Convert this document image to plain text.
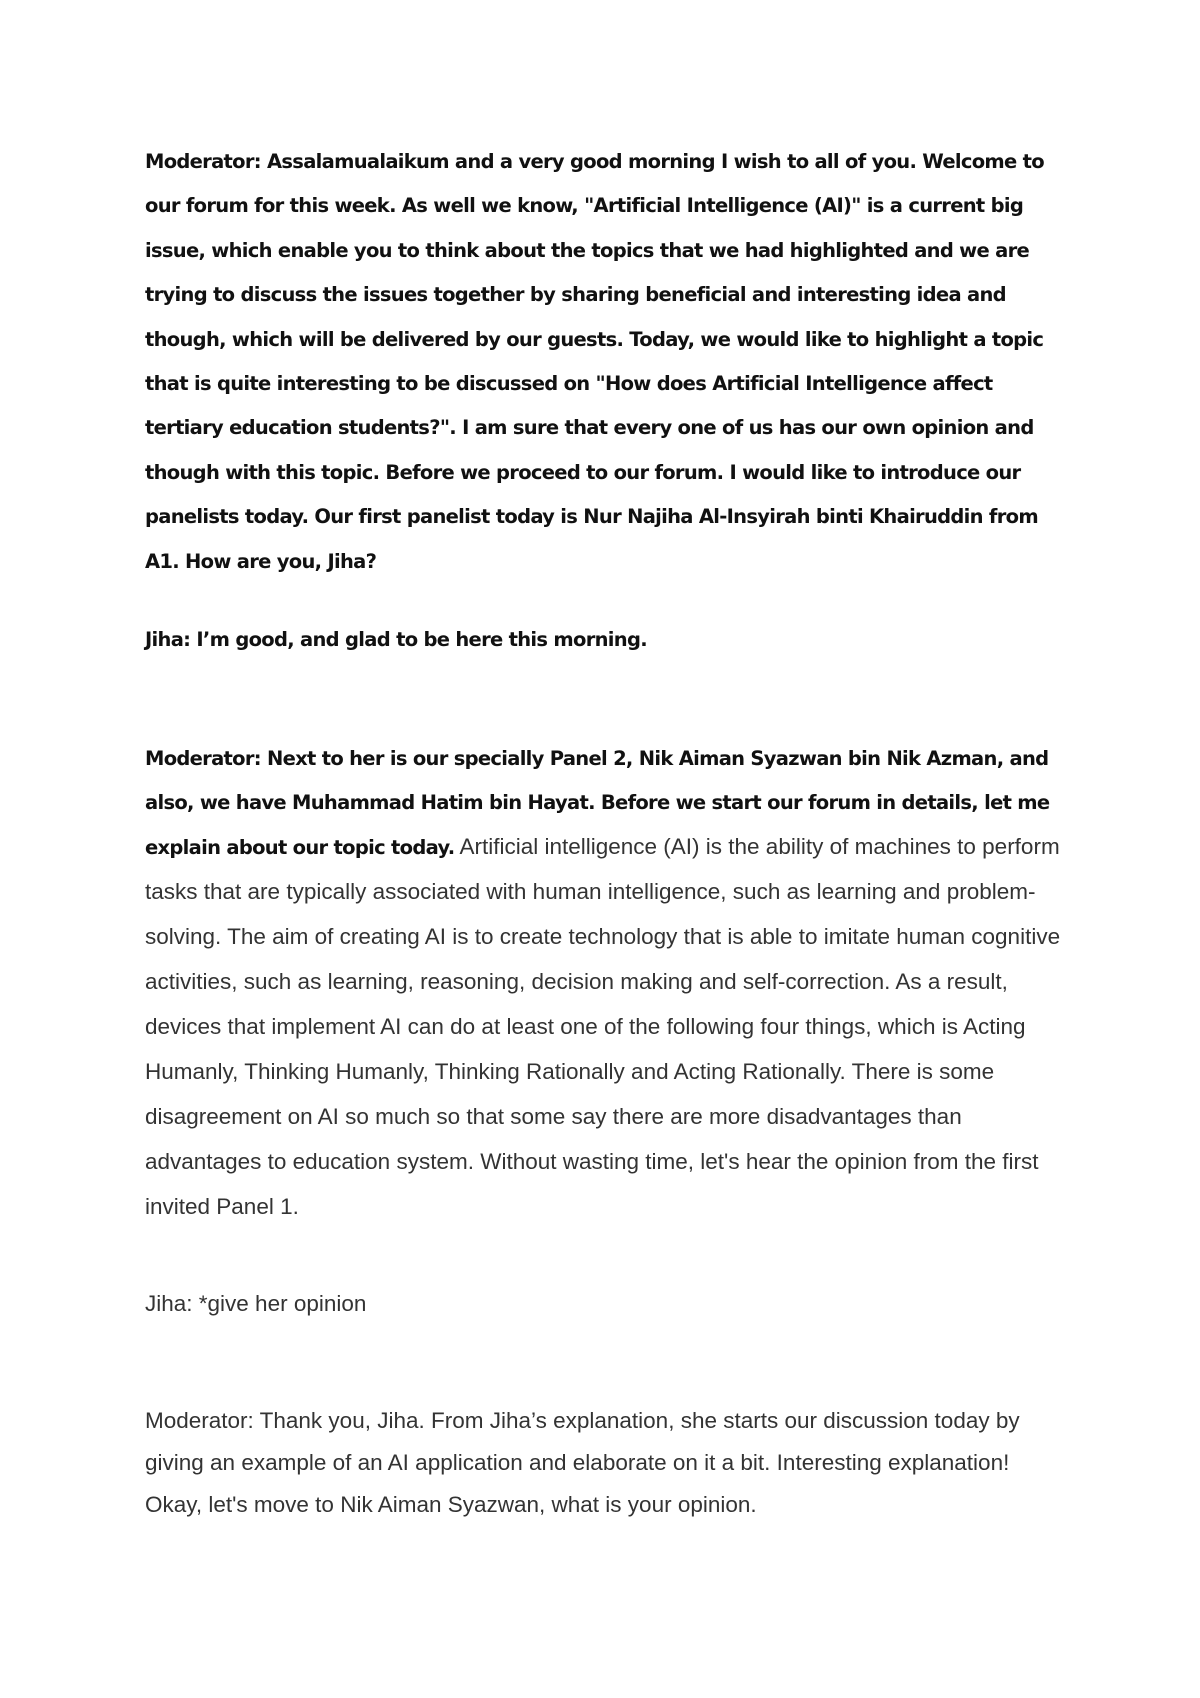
Moderator: Assalamualaikum and a very good morning I wish to all of you. Welcome to our forum for this week. As well we know, "Artificial Intelligence (AI)" is a current big issue, which enable you to think about the topics that we had highlighted and we are trying to discuss the issues together by sharing beneficial and interesting idea and though, which will be delivered by our guests. Today, we would like to highlight a topic that is quite interesting to be discussed on "How does Artificial Intelligence affect tertiary education students?". I am sure that every one of us has our own opinion and though with this topic. Before we proceed to our forum. I would like to introduce our panelists today. Our first panelist today is Nur Najiha Al-Insyirah binti Khairuddin from A1. How are you, Jiha?
Jiha: I’m good, and glad to be here this morning.
Moderator: Next to her is our specially Panel 2, Nik Aiman Syazwan bin Nik Azman, and also, we have Muhammad Hatim bin Hayat. Before we start our forum in details, let me explain about our topic today. Artificial intelligence (AI) is the ability of machines to perform tasks that are typically associated with human intelligence, such as learning and problem-solving. The aim of creating AI is to create technology that is able to imitate human cognitive activities, such as learning, reasoning, decision making and self-correction. As a result, devices that implement AI can do at least one of the following four things, which is Acting Humanly, Thinking Humanly, Thinking Rationally and Acting Rationally. There is some disagreement on AI so much so that some say there are more disadvantages than advantages to education system. Without wasting time, let's hear the opinion from the first invited Panel 1.
Jiha: *give her opinion
Moderator: Thank you, Jiha. From Jiha’s explanation, she starts our discussion today by giving an example of an AI application and elaborate on it a bit. Interesting explanation! Okay, let's move to Nik Aiman Syazwan, what is your opinion.
